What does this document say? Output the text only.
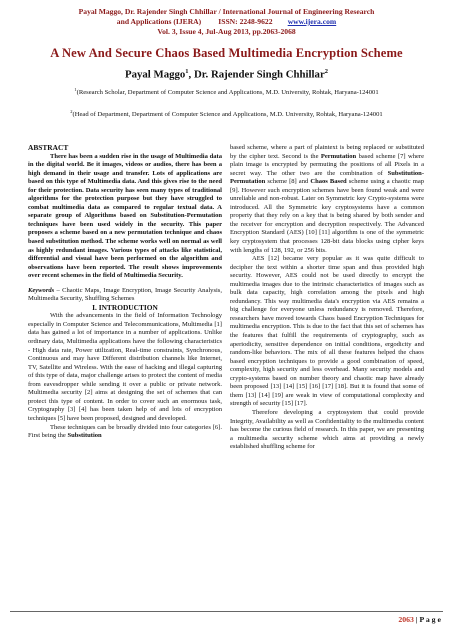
Payal Maggo, Dr. Rajender Singh Chhillar / International Journal of Engineering Research
and Applications (IJERA)         ISSN: 2248-9622        www.ijera.com
Vol. 3, Issue 4, Jul-Aug 2013, pp.2063-2068
A New And Secure Chaos Based Multimedia Encryption Scheme
Payal Maggo$^1$, Dr. Rajender Singh Chhillar$^2$
$^1$(Research Scholar, Department of Computer Science and Applications, M.D. University, Rohtak, Haryana-124001
$^2$(Head of Department, Department of Computer Science and Applications, M.D. University, Rohtak, Haryana-124001

ABSTRACT

There has been a sudden rise in the usage of Multimedia data in the digital world. Be it images, videos or audios, there has been a high demand in their usage and transfer. Lots of applications are based on this type of Multimedia data. And this gives rise to the need for their protection. Data security has seen many types of traditional algorithms for the protection purpose but they have struggled to combat multimedia data as compared to regular textual data. A separate group of Algorithms based on Substitution-Permutation techniques have been used widely in the security. This paper proposes a scheme based on a new permutation technique and chaos based substitution method. The scheme works well on normal as well as highly redundant images. Various types of attacks like statistical, differential and visual have been performed on the algorithm and observations have been reported. The result shows improvements over recent schemes in the field of Multimedia Security.

Keywords – Chaotic Maps, Image Encryption, Image Security Analysis, Multimedia Security, Shuffling Schemes

I. INTRODUCTION

With the advancements in the field of Information Technology especially in Computer Science and Telecommunications, Multimedia [1] data has gained a lot of importance in a number of applications. Unlike ordinary data, Multimedia applications have the following characteristics - High data rate, Power utilization, Real-time constraints, Synchronous, Continuous and may have Different distribution channels like Internet, TV, Satellite and Wireless. With the ease of hacking and illegal capturing of this type of data, major challenge arises to protect the content of media from eavesdropper while sending it over a public or private network. Multimedia security [2] aims at designing the set of schemes that can protect this type of content. In order to cover such an enormous task, Cryptography [3] [4] has been taken help of and lots of encryption techniques [5] have been proposed, designed and developed.

These techniques can be broadly divided into four categories [6]. First being the Substitution

based scheme, where a part of plaintext is being replaced or substituted by the cipher text. Second is the Permutation based scheme [7] where plain image is encrypted by permuting the positions of all Pixels in a secret way. The other two are the combination of Substitution-Permutation scheme [8] and Chaos Based scheme using a chaotic map [9]. However such encryption schemes have been found weak and were unreliable and non-robust. Later on Symmetric key Crypto-systems were introduced. All the Symmetric key cryptosystems have a common property that they rely on a key that is being shared by both sender and the receiver for encryption and decryption respectively. The Advanced Encryption Standard (AES) [10] [11] algorithm is one of the symmetric key cryptosystem that processes 128-bit data blocks using cipher keys with lengths of 128, 192, or 256 bits.

AES [12] became very popular as it was quite difficult to decipher the text within a shorter time span and thus provided high security. However, AES could not be used directly to encrypt the multimedia images due to the intrinsic characteristics of images such as bulk data capacity, high correlation among the pixels and high redundancy. This way multimedia data's encryption via AES remains a big challenge for everyone unless redundancy is removed. Therefore, researchers have moved towards Chaos based Encryption Techniques for multimedia encryption. This is due to the fact that this set of schemes has the features that fulfill the requirements of cryptography, such as aperiodicity, sensitive dependence on initial conditions, ergodicity and random-like behaviors. The mix of all these features helped the chaos based encryption techniques to provide a good combination of speed, complexity, high security and less overhead. Many security models and crypto-systems based on number theory and chaotic map have already been proposed [13] [14] [15] [16] [17] [18]. But it is found that some of them [13] [14] [19] are weak in view of computational complexity and strength of security [15] [17].

Therefore developing a cryptosystem that could provide Integrity, Availability as well as Confidentiality to the multimedia content has become the curious field of research. In this paper, we are presenting a multimedia security scheme which aims at providing a newly established shuffling scheme for

2063 | P a g e
